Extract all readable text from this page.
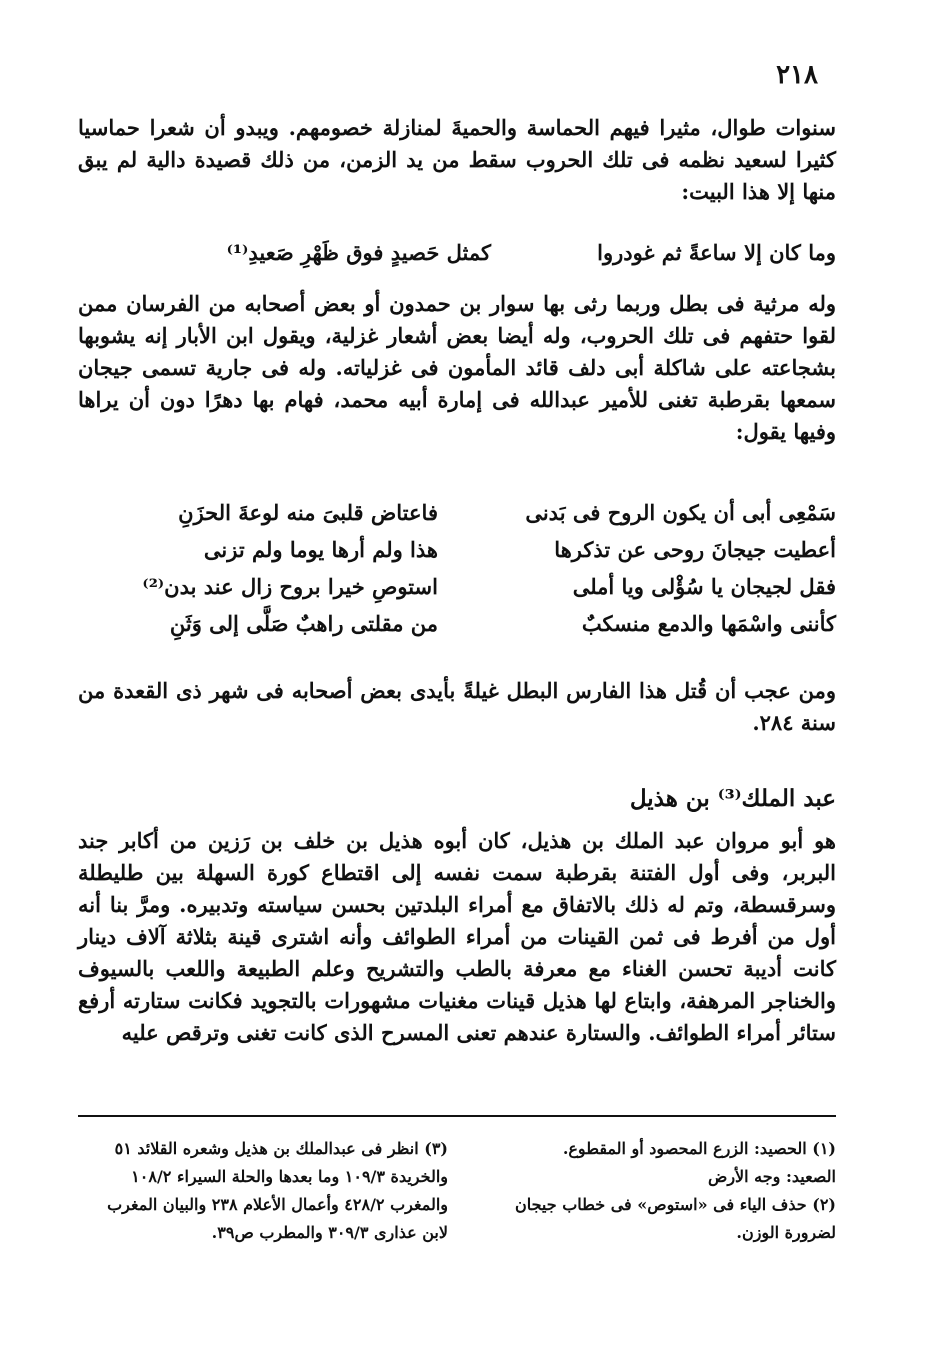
٢١٨
سنوات طوال، مثيرا فيهم الحماسة والحميةَ لمنازلة خصومهم. ويبدو أن شعرا حماسيا كثيرا لسعيد نظمه فى تلك الحروب سقط من يد الزمن، من ذلك قصيدة دالية لم يبق منها إلا هذا البيت:
وما كان إلا ساعةً ثم غودروا
كمثل حَصيدٍ فوق ظَهْرِ صَعيدِ⁽¹⁾
وله مرثية فى بطل وربما رثى بها سوار بن حمدون أو بعض أصحابه من الفرسان ممن لقوا حتفهم فى تلك الحروب، وله أيضا بعض أشعار غزلية، ويقول ابن الأبار إنه يشوبها بشجاعته على شاكلة أبى دلف قائد المأمون فى غزلياته. وله فى جارية تسمى جيجان سمعها بقرطبة تغنى للأمير عبدالله فى إمارة أبيه محمد، فهام بها دهرًا دون أن يراها وفيها يقول:
سَمْعِى أبى أن يكون الروح فى بَدنى
فاعتاض قلبىَ منه لوعةَ الحزَنِ
أعطيت جيجانَ روحى عن تذكرها
هذا ولم أرها يوما ولم تزنى
فقل لجيجان يا سُؤْلى ويا أملى
استوصِ خيرا بروح زال عند بدن⁽²⁾
كأننى واسْمَها والدمع منسكبٌ
من مقلتى راهبٌ صَلَّى إلى وَثَنِ
ومن عجب أن قُتل هذا الفارس البطل غيلةً بأيدى بعض أصحابه فى شهر ذى القعدة من سنة ٢٨٤.
عبد الملك⁽³⁾ بن هذيل
هو أبو مروان عبد الملك بن هذيل، كان أبوه هذيل بن خلف بن رَزين من أكابر جند البربر، وفى أول الفتنة بقرطبة سمت نفسه إلى اقتطاع كورة السهلة بين طليطلة وسرقسطة، وتم له ذلك بالاتفاق مع أمراء البلدتين بحسن سياسته وتدبيره. ومرَّ بنا أنه أول من أفرط فى ثمن القينات من أمراء الطوائف وأنه اشترى قينة بثلاثة آلاف دينار كانت أديبة تحسن الغناء مع معرفة بالطب والتشريح وعلم الطبيعة واللعب بالسيوف والخناجر المرهفة، وابتاع لها هذيل قينات مغنيات مشهورات بالتجويد فكانت ستارته أرفع ستائر أمراء الطوائف. والستارة عندهم تعنى المسرح الذى كانت تغنى وترقص عليه
(١) الحصيد: الزرع المحصود أو المقطوع.
الصعيد: وجه الأرض
(٢) حذف الياء فى «استوص» فى خطاب جيجان
لضرورة الوزن.
(٣) انظر فى عبدالملك بن هذيل وشعره القلائد ٥١
والخريدة ١٠٩/٣ وما بعدها والحلة السيراء ١٠٨/٢
والمغرب ٤٢٨/٢ وأعمال الأعلام ٢٣٨ والبيان المغرب
لابن عذارى ٣٠٩/٣ والمطرب ص٣٩.
